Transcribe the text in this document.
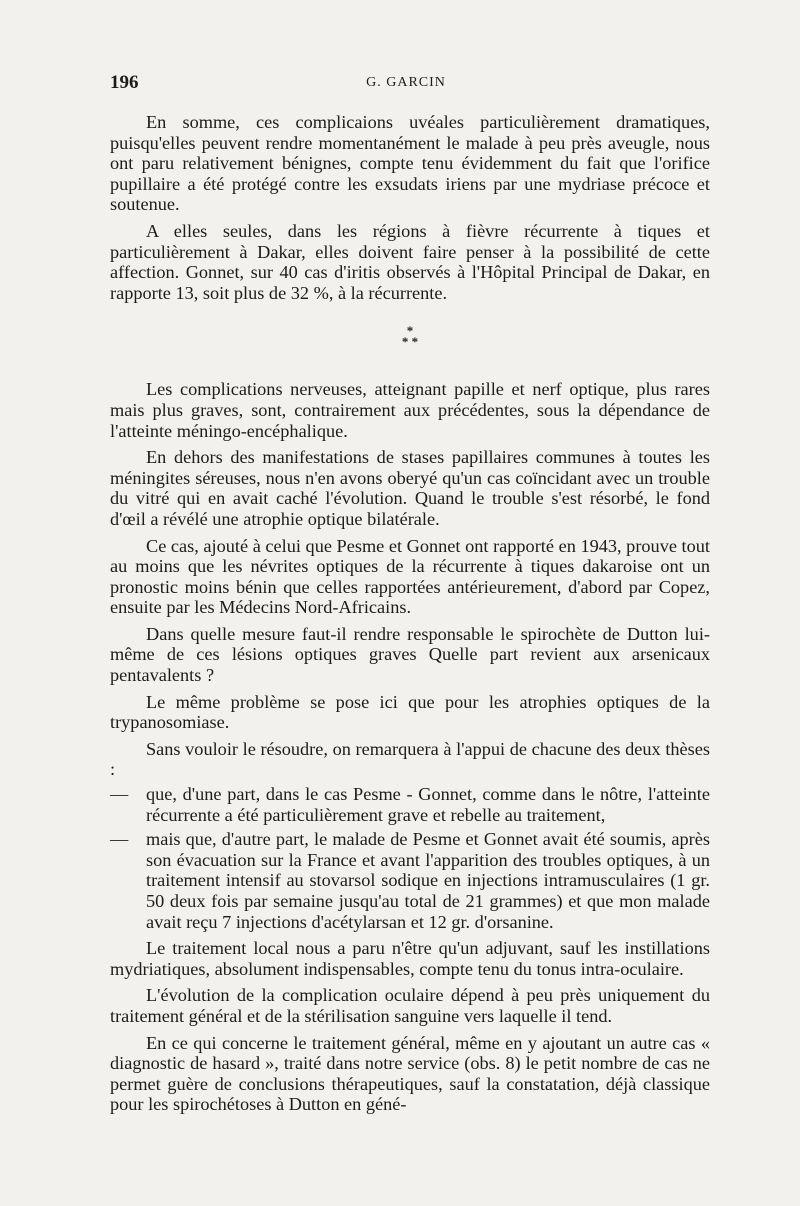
196	G. GARCIN

En somme, ces complicaions uvéales particulièrement dramatiques, puisqu'elles peuvent rendre momentanément le malade à peu près aveugle, nous ont paru relativement bénignes, compte tenu évidemment du fait que l'orifice pupillaire a été protégé contre les exsudats iriens par une mydriase précoce et soutenue.

A elles seules, dans les régions à fièvre récurrente à tiques et particulièrement à Dakar, elles doivent faire penser à la possibilité de cette affection. Gonnet, sur 40 cas d'iritis observés à l'Hôpital Principal de Dakar, en rapporte 13, soit plus de 32 %, à la récurrente.

*
* *

Les complications nerveuses, atteignant papille et nerf optique, plus rares mais plus graves, sont, contrairement aux précédentes, sous la dépendance de l'atteinte méningo-encéphalique.

En dehors des manifestations de stases papillaires communes à toutes les méningites séreuses, nous n'en avons oberyé qu'un cas coïncidant avec un trouble du vitré qui en avait caché l'évolution. Quand le trouble s'est résorbé, le fond d'œil a révélé une atrophie optique bilatérale.

Ce cas, ajouté à celui que Pesme et Gonnet ont rapporté en 1943, prouve tout au moins que les névrites optiques de la récurrente à tiques dakaroise ont un pronostic moins bénin que celles rapportées antérieurement, d'abord par Copez, ensuite par les Médecins Nord-Africains.

Dans quelle mesure faut-il rendre responsable le spirochète de Dutton lui-même de ces lésions optiques graves Quelle part revient aux arsenicaux pentavalents ?

Le même problème se pose ici que pour les atrophies optiques de la trypanosomiase.

Sans vouloir le résoudre, on remarquera à l'appui de chacune des deux thèses :

— que, d'une part, dans le cas Pesme - Gonnet, comme dans le nôtre, l'atteinte récurrente a été particulièrement grave et rebelle au traitement,

— mais que, d'autre part, le malade de Pesme et Gonnet avait été soumis, après son évacuation sur la France et avant l'apparition des troubles optiques, à un traitement intensif au stovarsol sodique en injections intramusculaires (1 gr. 50 deux fois par semaine jusqu'au total de 21 grammes) et que mon malade avait reçu 7 injections d'acétylarsan et 12 gr. d'orsanine.

Le traitement local nous a paru n'être qu'un adjuvant, sauf les instillations mydriatiques, absolument indispensables, compte tenu du tonus intra-oculaire.

L'évolution de la complication oculaire dépend à peu près uniquement du traitement général et de la stérilisation sanguine vers laquelle il tend.

En ce qui concerne le traitement général, même en y ajoutant un autre cas « diagnostic de hasard », traité dans notre service (obs. 8) le petit nombre de cas ne permet guère de conclusions thérapeutiques, sauf la constatation, déjà classique pour les spirochétoses à Dutton en géné-
